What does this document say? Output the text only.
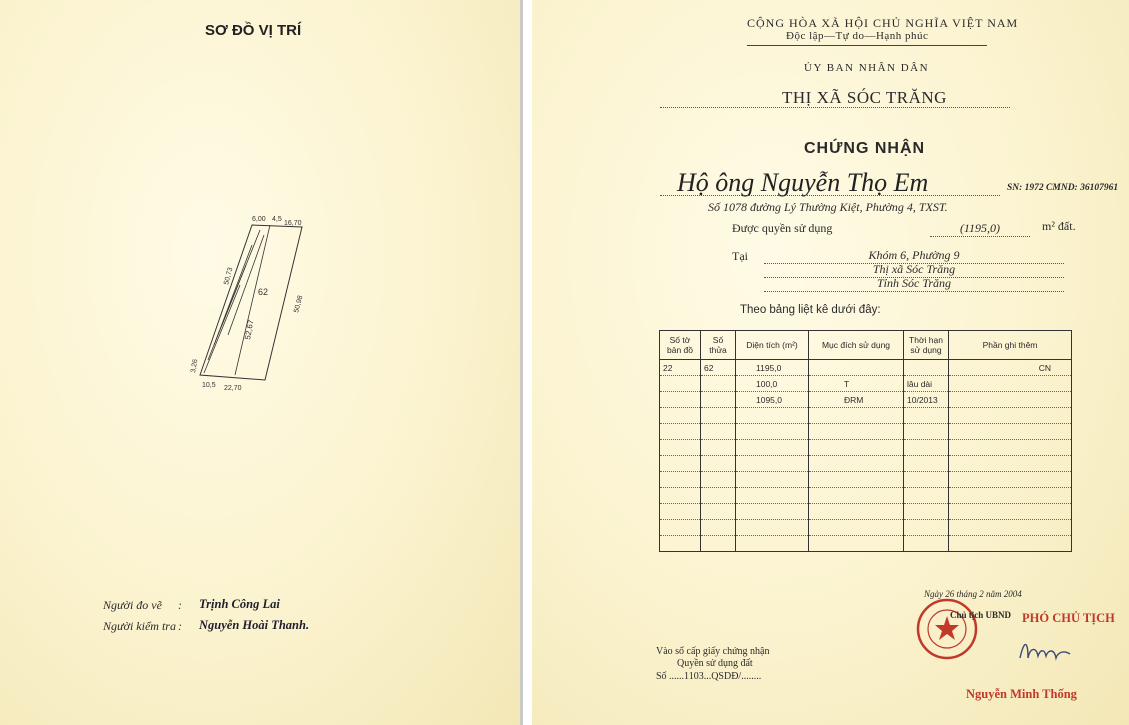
SƠ ĐỒ VỊ TRÍ
6,00 4,5
16,70
50,73
50,98
62
52,67
3,26
10,5 22,70
Người đo vẽ : Trịnh Công Lai
Người kiểm tra : Nguyễn Hoài Thanh.
CỘNG HÒA XÃ HỘI CHỦ NGHĨA VIỆT NAM
Độc lập—Tự do—Hạnh phúc
ỦY BAN NHÂN DÂN
THỊ XÃ SÓC TRĂNG
CHỨNG NHẬN
Hộ ông Nguyễn Thọ Em	SN: 1972 CMND: 36107961
Số 1078 đường Lý Thường Kiệt, Phường 4, TXST.
Được quyền sử dụng	(1195,0)	m² đất.
Tại	Khóm 6, Phường 9
Thị xã Sóc Trăng
Tỉnh Sóc Trăng
Theo bảng liệt kê dưới đây:
Số tờ bản đồ	Số thửa	Diện tích (m²)	Mục đích sử dụng	Thời hạn sử dụng	Phần ghi thêm
22	62	1195,0			CN
		100,0	T	lâu dài	
		1095,0	ĐRM	10/2013	

Ngày 26 tháng 2 năm 2004
Chủ tịch UBND PHÓ CHỦ TỊCH
Nguyễn Minh Thống
Vào sổ cấp giấy chứng nhận
Quyền sử dụng đất
Số ......1103...QSDĐ/........
